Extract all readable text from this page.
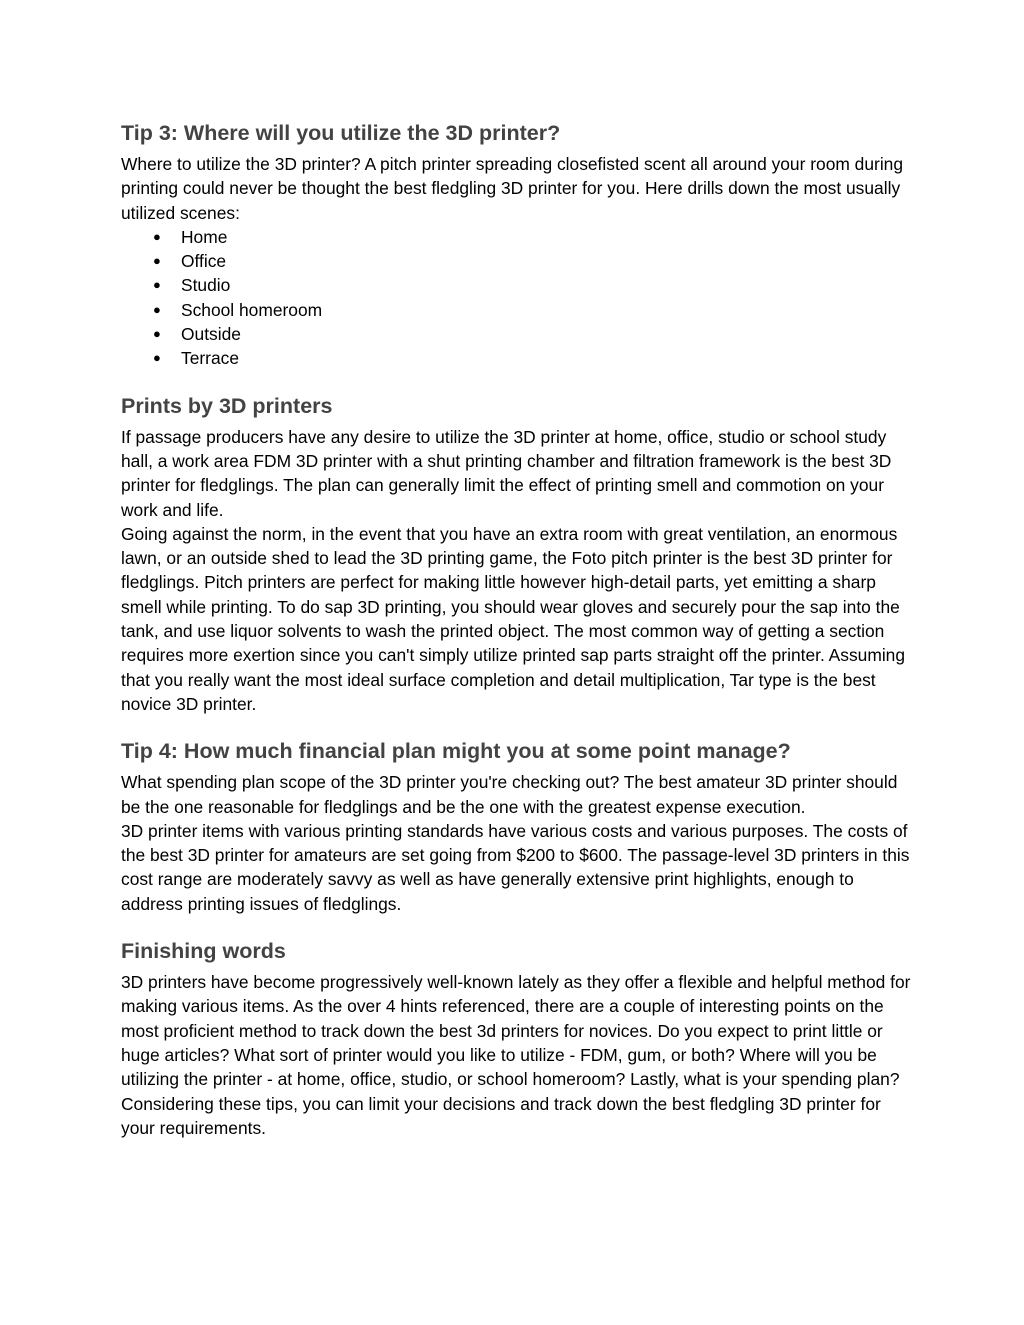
Tip 3: Where will you utilize the 3D printer?

Where to utilize the 3D printer? A pitch printer spreading closefisted scent all around your room during printing could never be thought the best fledgling 3D printer for you. Here drills down the most usually utilized scenes:

● Home
● Office
● Studio
● School homeroom
● Outside
● Terrace
Prints by 3D printers

If passage producers have any desire to utilize the 3D printer at home, office, studio or school study hall, a work area FDM 3D printer with a shut printing chamber and filtration framework is the best 3D printer for fledglings. The plan can generally limit the effect of printing smell and commotion on your work and life.

Going against the norm, in the event that you have an extra room with great ventilation, an enormous lawn, or an outside shed to lead the 3D printing game, the Foto pitch printer is the best 3D printer for fledglings. Pitch printers are perfect for making little however high-detail parts, yet emitting a sharp smell while printing. To do sap 3D printing, you should wear gloves and securely pour the sap into the tank, and use liquor solvents to wash the printed object. The most common way of getting a section requires more exertion since you can't simply utilize printed sap parts straight off the printer. Assuming that you really want the most ideal surface completion and detail multiplication, Tar type is the best novice 3D printer.

Tip 4: How much financial plan might you at some point manage?

What spending plan scope of the 3D printer you're checking out? The best amateur 3D printer should be the one reasonable for fledglings and be the one with the greatest expense execution.

3D printer items with various printing standards have various costs and various purposes. The costs of the best 3D printer for amateurs are set going from $200 to $600. The passage-level 3D printers in this cost range are moderately savvy as well as have generally extensive print highlights, enough to address printing issues of fledglings.

Finishing words

3D printers have become progressively well-known lately as they offer a flexible and helpful method for making various items. As the over 4 hints referenced, there are a couple of interesting points on the most proficient method to track down the best 3d printers for novices. Do you expect to print little or huge articles? What sort of printer would you like to utilize - FDM, gum, or both? Where will you be utilizing the printer - at home, office, studio, or school homeroom? Lastly, what is your spending plan? Considering these tips, you can limit your decisions and track down the best fledgling 3D printer for your requirements.
